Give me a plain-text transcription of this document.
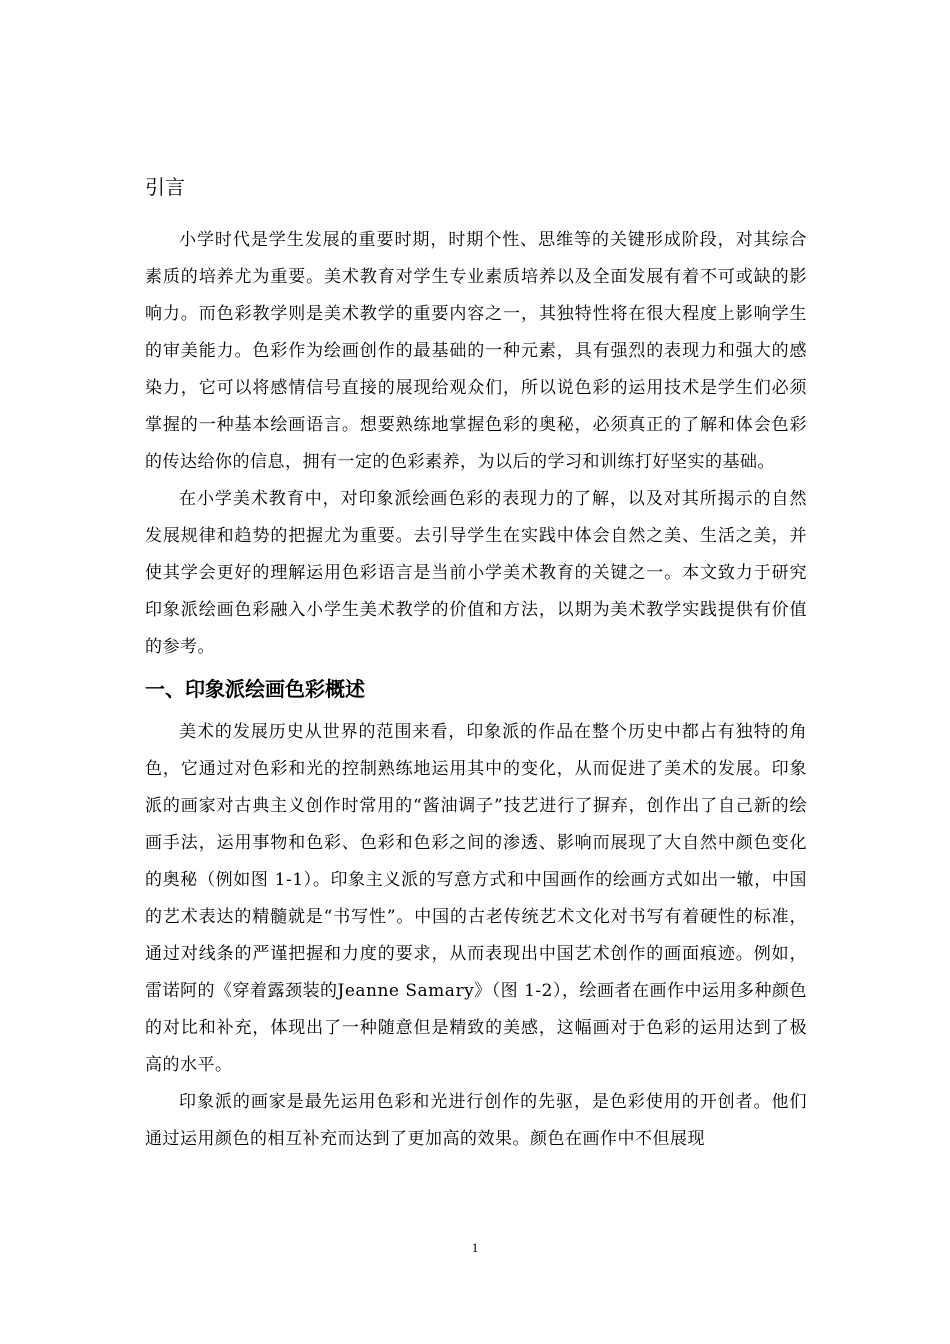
引言

小学时代是学生发展的重要时期，时期个性、思维等的关键形成阶段，对其综合素质的培养尤为重要。美术教育对学生专业素质培养以及全面发展有着不可或缺的影响力。而色彩教学则是美术教学的重要内容之一，其独特性将在很大程度上影响学生的审美能力。色彩作为绘画创作的最基础的一种元素，具有强烈的表现力和强大的感染力，它可以将感情信号直接的展现给观众们，所以说色彩的运用技术是学生们必须掌握的一种基本绘画语言。想要熟练地掌握色彩的奥秘，必须真正的了解和体会色彩的传达给你的信息，拥有一定的色彩素养，为以后的学习和训练打好坚实的基础。

在小学美术教育中，对印象派绘画色彩的表现力的了解，以及对其所揭示的自然发展规律和趋势的把握尤为重要。去引导学生在实践中体会自然之美、生活之美，并使其学会更好的理解运用色彩语言是当前小学美术教育的关键之一。本文致力于研究印象派绘画色彩融入小学生美术教学的价值和方法，以期为美术教学实践提供有价值的参考。

一、印象派绘画色彩概述

美术的发展历史从世界的范围来看，印象派的作品在整个历史中都占有独特的角色，它通过对色彩和光的控制熟练地运用其中的变化，从而促进了美术的发展。印象派的画家对古典主义创作时常用的“酱油调子”技艺进行了摒弃，创作出了自己新的绘画手法，运用事物和色彩、色彩和色彩之间的渗透、影响而展现了大自然中颜色变化的奥秘（例如图 1-1）。印象主义派的写意方式和中国画作的绘画方式如出一辙，中国的艺术表达的精髓就是“书写性”。中国的古老传统艺术文化对书写有着硬性的标准，通过对线条的严谨把握和力度的要求，从而表现出中国艺术创作的画面痕迹。例如，雷诺阿的《穿着露颈装的Jeanne Samary》（图 1-2），绘画者在画作中运用多种颜色的对比和补充，体现出了一种随意但是精致的美感，这幅画对于色彩的运用达到了极高的水平。

印象派的画家是最先运用色彩和光进行创作的先驱，是色彩使用的开创者。他们通过运用颜色的相互补充而达到了更加高的效果。颜色在画作中不但展现

1
